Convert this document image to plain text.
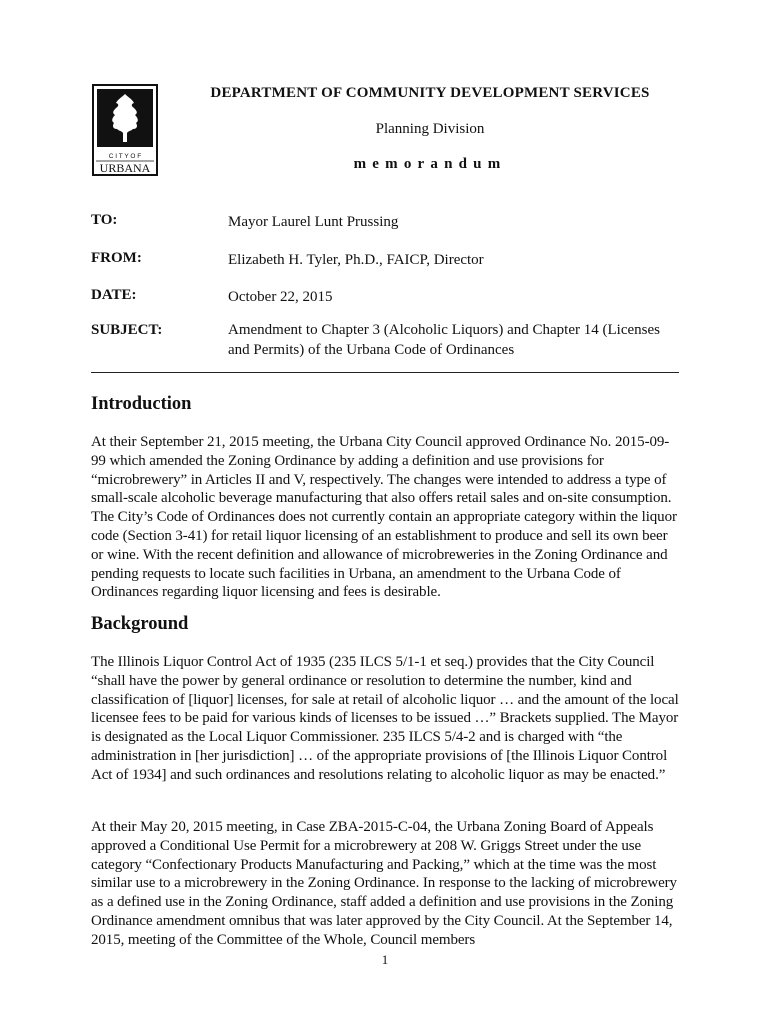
C I T Y O F
URBANA
DEPARTMENT OF COMMUNITY DEVELOPMENT SERVICES
Planning Division
memorandum
TO:	Mayor Laurel Lunt Prussing
FROM:	Elizabeth H. Tyler, Ph.D., FAICP, Director
DATE:	October 22, 2015
SUBJECT:	Amendment to Chapter 3 (Alcoholic Liquors) and Chapter 14 (Licenses and Permits) of the Urbana Code of Ordinances
Introduction

At their September 21, 2015 meeting, the Urbana City Council approved Ordinance No. 2015-09-99 which amended the Zoning Ordinance by adding a definition and use provisions for “microbrewery” in Articles II and V, respectively. The changes were intended to address a type of small-scale alcoholic beverage manufacturing that also offers retail sales and on-site consumption. The City’s Code of Ordinances does not currently contain an appropriate category within the liquor code (Section 3-41) for retail liquor licensing of an establishment to produce and sell its own beer or wine. With the recent definition and allowance of microbreweries in the Zoning Ordinance and pending requests to locate such facilities in Urbana, an amendment to the Urbana Code of Ordinances regarding liquor licensing and fees is desirable.

Background

The Illinois Liquor Control Act of 1935 (235 ILCS 5/1-1 et seq.) provides that the City Council “shall have the power by general ordinance or resolution to determine the number, kind and classification of [liquor] licenses, for sale at retail of alcoholic liquor … and the amount of the local licensee fees to be paid for various kinds of licenses to be issued …” Brackets supplied. The Mayor is designated as the Local Liquor Commissioner. 235 ILCS 5/4-2 and is charged with “the administration in [her jurisdiction] … of the appropriate provisions of [the Illinois Liquor Control Act of 1934] and such ordinances and resolutions relating to alcoholic liquor as may be enacted.”

At their May 20, 2015 meeting, in Case ZBA-2015-C-04, the Urbana Zoning Board of Appeals approved a Conditional Use Permit for a microbrewery at 208 W. Griggs Street under the use category “Confectionary Products Manufacturing and Packing,” which at the time was the most similar use to a microbrewery in the Zoning Ordinance. In response to the lacking of microbrewery as a defined use in the Zoning Ordinance, staff added a definition and use provisions in the Zoning Ordinance amendment omnibus that was later approved by the City Council. At the September 14, 2015, meeting of the Committee of the Whole, Council members

1
